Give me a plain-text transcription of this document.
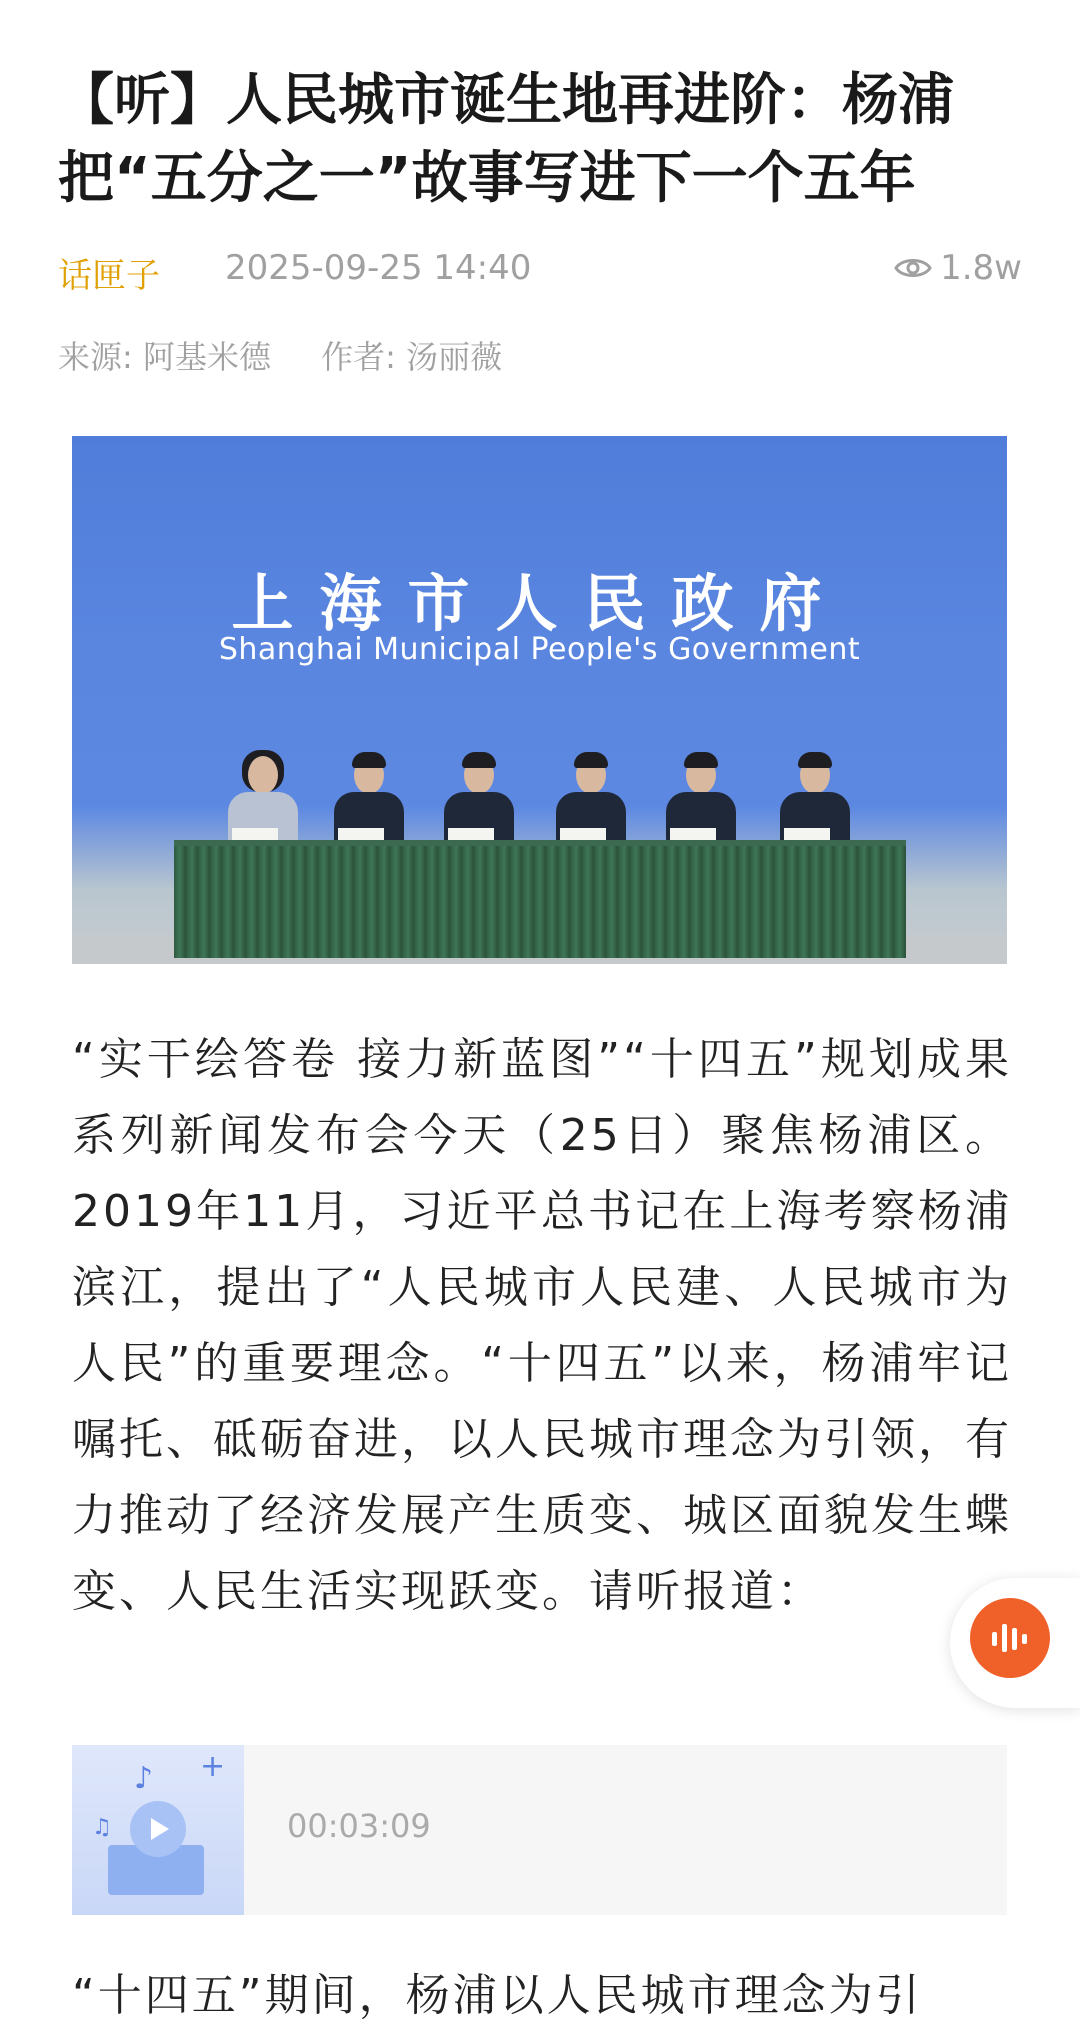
【听】人民城市诞生地再进阶：杨浦把“五分之一”故事写进下一个五年
话匣子 2025-09-25 14:40	1.8w
来源: 阿基米德 作者: 汤丽薇
上海市人民政府
Shanghai Municipal People's Government

“实干绘答卷 接力新蓝图”“十四五”规划成果系列新闻发布会今天（25日）聚焦杨浦区。2019年11月，习近平总书记在上海考察杨浦滨江，提出了“人民城市人民建、人民城市为人民”的重要理念。“十四五”以来，杨浦牢记嘱托、砥砺奋进，以人民城市理念为引领，有力推动了经济发展产生质变、城区面貌发生蝶变、人民生活实现跃变。请听报道：

♪ +
♫	00:03:09
“十四五”期间，杨浦以人民城市理念为引
